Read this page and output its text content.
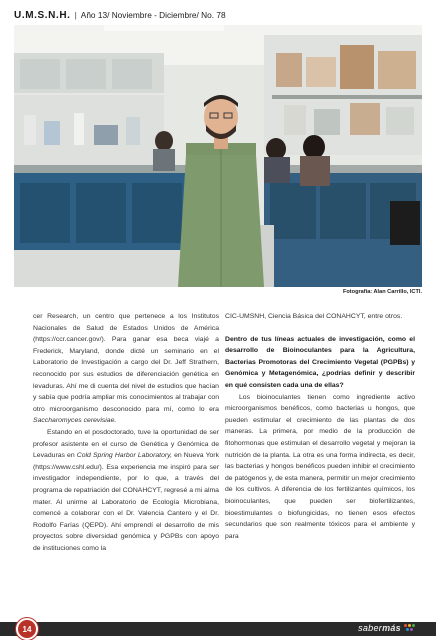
U.M.S.N.H. | Año 13/ Noviembre - Diciembre/ No. 78
Fotografía: Alan Carrillo, ICTI.

cer Research, un centro que pertenece a los Institutos Nacionales de Salud de Estados Unidos de América (https://ccr.cancer.gov/). Para ganar esa beca viajé a Frederick, Maryland, donde dicté un seminario en el Laboratorio de Investigación a cargo del Dr. Jeff Strathern, reconocido por sus estudios de diferenciación genética en levaduras. Ahí me di cuenta del nivel de estudios que hacían y sabía que podría ampliar mis conocimientos al trabajar con otro microorganismo desconocido para mí, como lo era Saccharomyces cerevisiae.

Estando en el posdoctorado, tuve la oportunidad de ser profesor asistente en el curso de Genética y Genómica de Levaduras en Cold Spring Harbor Laboratory, en Nueva York (https://www.cshl.edu/). Esa experiencia me inspiró para ser investigador independiente, por lo que, a través del programa de repatriación del CONAHCYT, regresé a mi alma mater. Al unirme al Laboratorio de Ecología Microbiana, comencé a colaborar con el Dr. Valencia Cantero y el Dr. Rodolfo Farías (QEPD). Ahí emprendí el desarrollo de mis proyectos sobre diversidad genómica y PGPBs con apoyo de instituciones como la

CIC-UMSNH, Ciencia Básica del CONAHCYT, entre otros.

Dentro de tus líneas actuales de investigación, como el desarrollo de Bioinoculantes para la Agricultura, Bacterias Promotoras del Crecimiento Vegetal (PGPBs) y Genómica y Metagenómica, ¿podrías definir y describir en qué consisten cada una de ellas?

Los bioinoculantes tienen como ingrediente activo microorganismos benéficos, como bacterias u hongos, que pueden estimular el crecimiento de las plantas de dos maneras. La primera, por medio de la producción de fitohormonas que estimulan el desarrollo vegetal y mejoran la nutrición de la planta. La otra es una forma indirecta, es decir, las bacterias y hongos benéficos pueden inhibir el crecimiento de patógenos y, de esta manera, permitir un mejor crecimiento de los cultivos. A diferencia de los fertilizantes químicos, los bioinoculantes, que pueden ser biofertilizantes, bioestimulantes o biofungicidas, no tienen esos efectos secundarios que son realmente tóxicos para el ambiente y para

14	saber más
